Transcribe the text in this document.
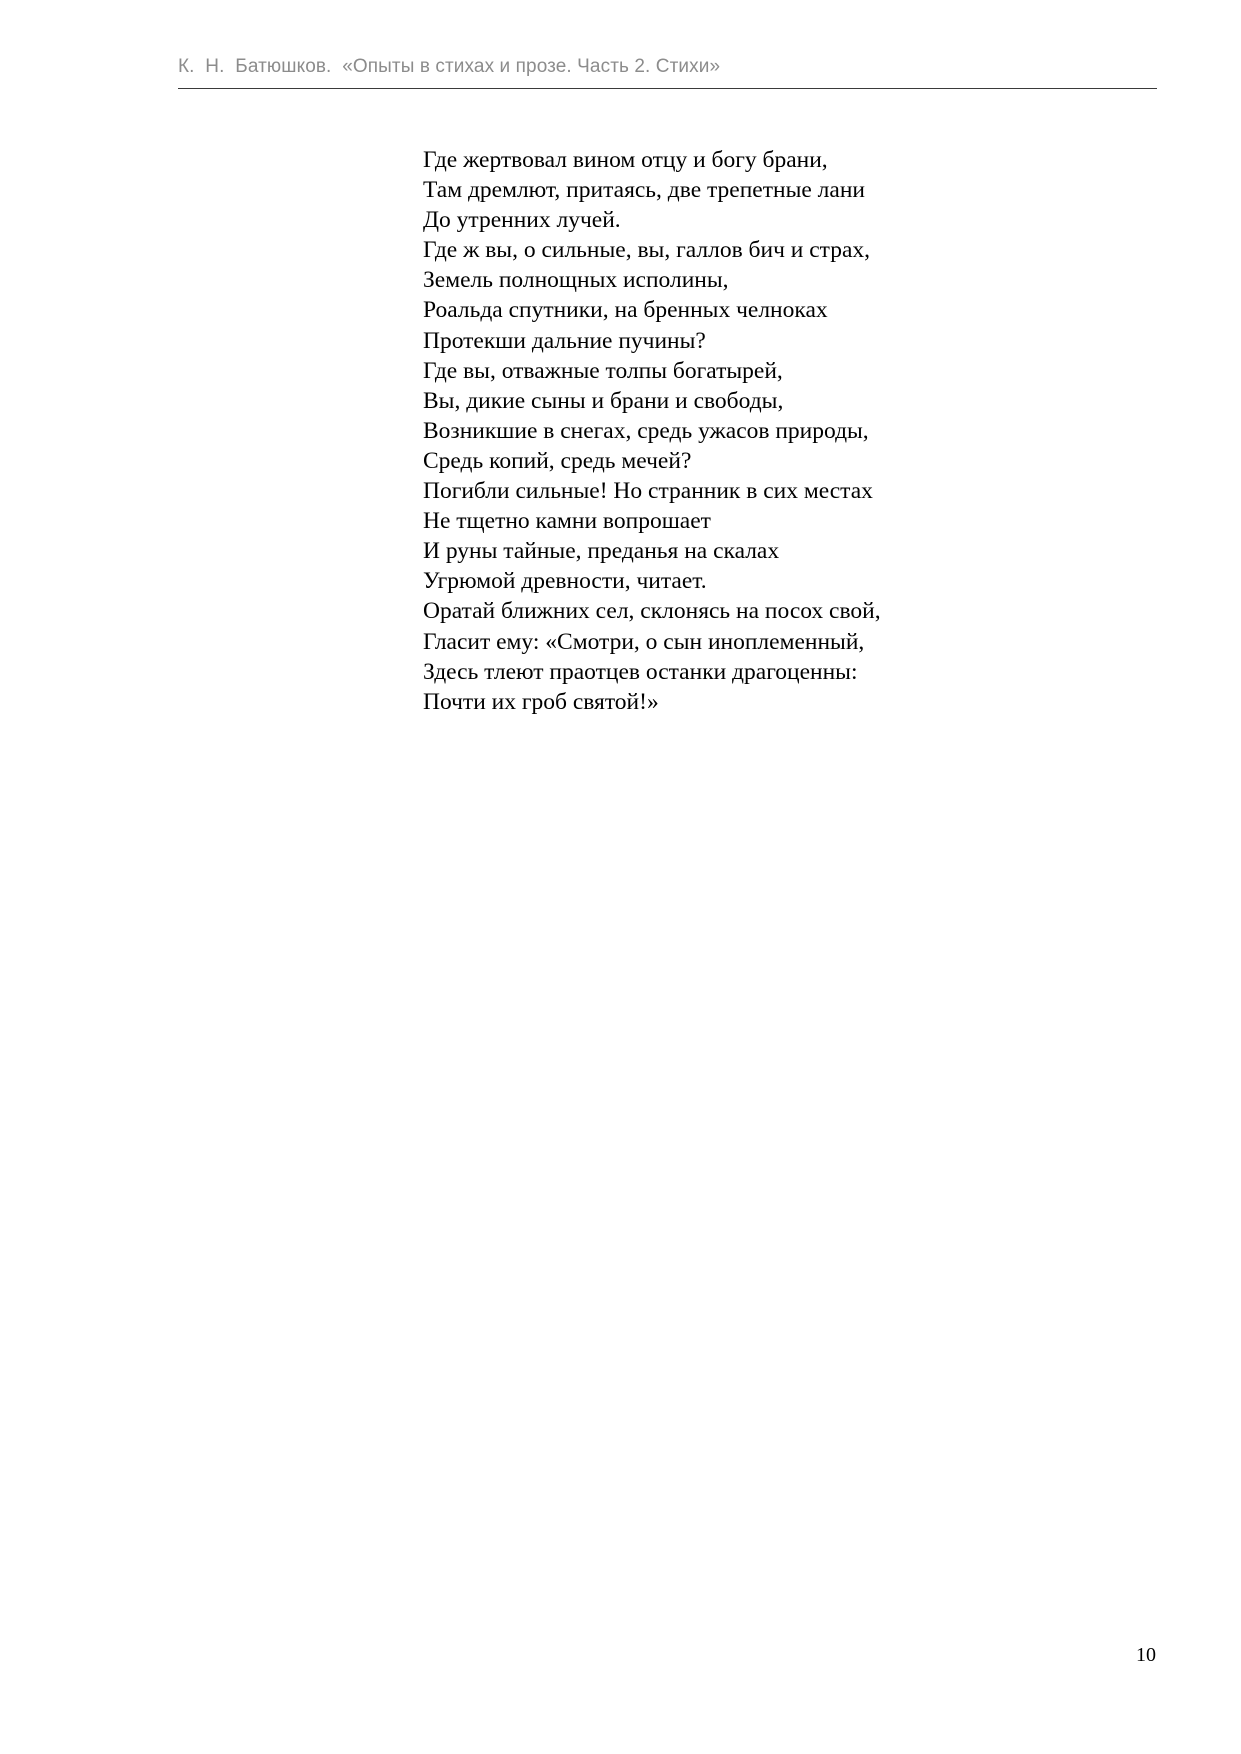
К.  Н.  Батюшков.  «Опыты в стихах и прозе. Часть 2. Стихи»
Где жертвовал вином отцу и богу брани,
Там дремлют, притаясь, две трепетные лани
До утренних лучей.
Где ж вы, о сильные, вы, галлов бич и страх,
Земель полнощных исполины,
Роальда спутники, на бренных челноках
Протекши дальние пучины?
Где вы, отважные толпы богатырей,
Вы, дикие сыны и брани и свободы,
Возникшие в снегах, средь ужасов природы,
Средь копий, средь мечей?
Погибли сильные! Но странник в сих местах
Не тщетно камни вопрошает
И руны тайные, преданья на скалах
Угрюмой древности, читает.
Оратай ближних сел, склонясь на посох свой,
Гласит ему: «Смотри, о сын иноплеменный,
Здесь тлеют праотцев останки драгоценны:
Почти их гроб святой!»
10
